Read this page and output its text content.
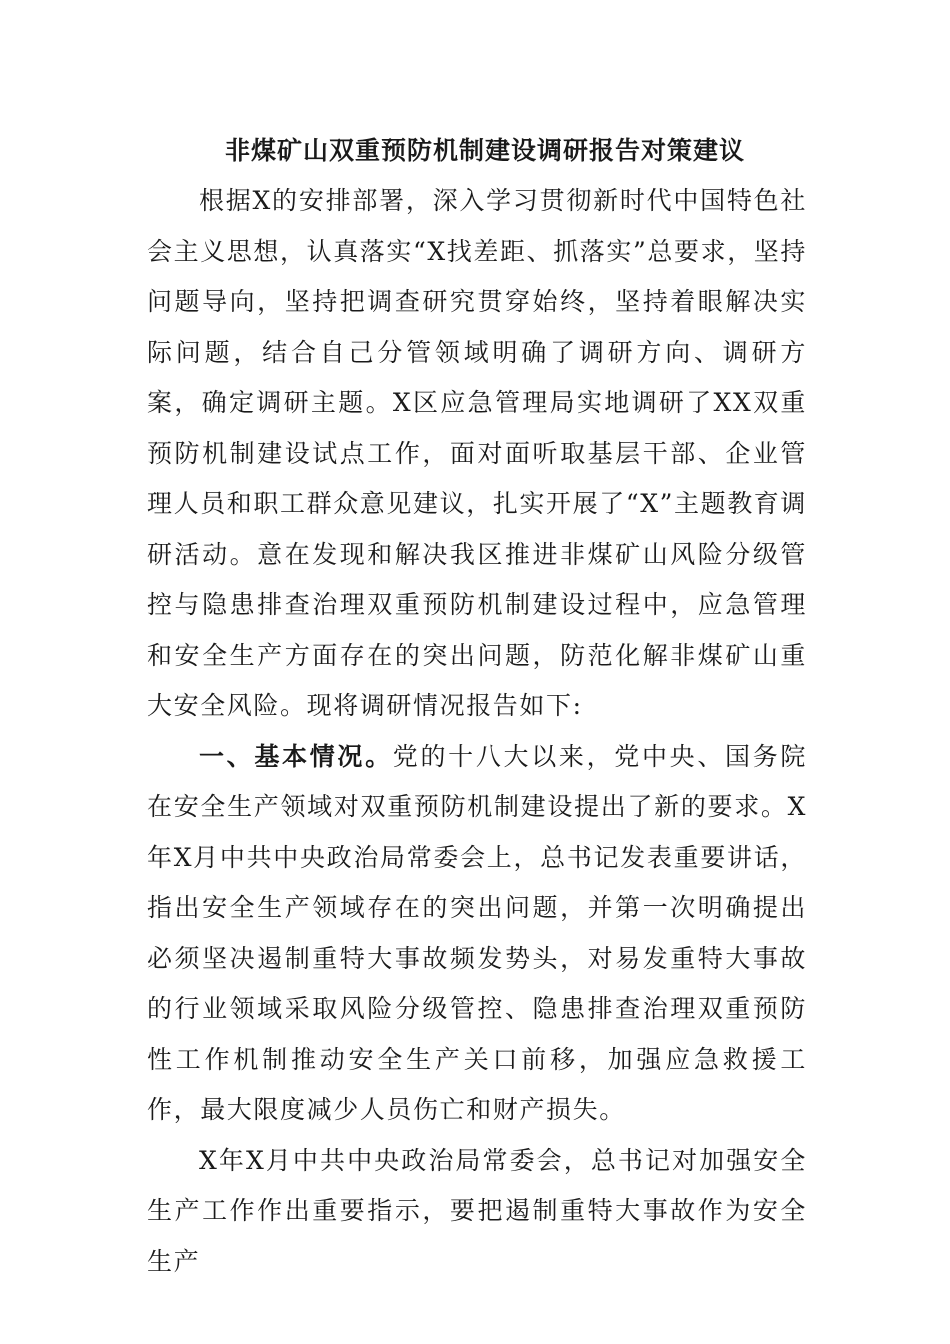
非煤矿山双重预防机制建设调研报告对策建议

根据X的安排部署，深入学习贯彻新时代中国特色社会主义思想，认真落实“X找差距、抓落实”总要求，坚持问题导向，坚持把调查研究贯穿始终，坚持着眼解决实际问题，结合自己分管领域明确了调研方向、调研方案，确定调研主题。X区应急管理局实地调研了XX双重预防机制建设试点工作，面对面听取基层干部、企业管理人员和职工群众意见建议，扎实开展了“X”主题教育调研活动。意在发现和解决我区推进非煤矿山风险分级管控与隐患排查治理双重预防机制建设过程中，应急管理和安全生产方面存在的突出问题，防范化解非煤矿山重大安全风险。现将调研情况报告如下:

一、基本情况。党的十八大以来，党中央、国务院在安全生产领域对双重预防机制建设提出了新的要求。X年X月中共中央政治局常委会上，总书记发表重要讲话，指出安全生产领域存在的突出问题，并第一次明确提出必须坚决遏制重特大事故频发势头，对易发重特大事故的行业领域采取风险分级管控、隐患排查治理双重预防性工作机制推动安全生产关口前移，加强应急救援工作，最大限度减少人员伤亡和财产损失。

X年X月中共中央政治局常委会，总书记对加强安全生产工作作出重要指示，要把遏制重特大事故作为安全生产
